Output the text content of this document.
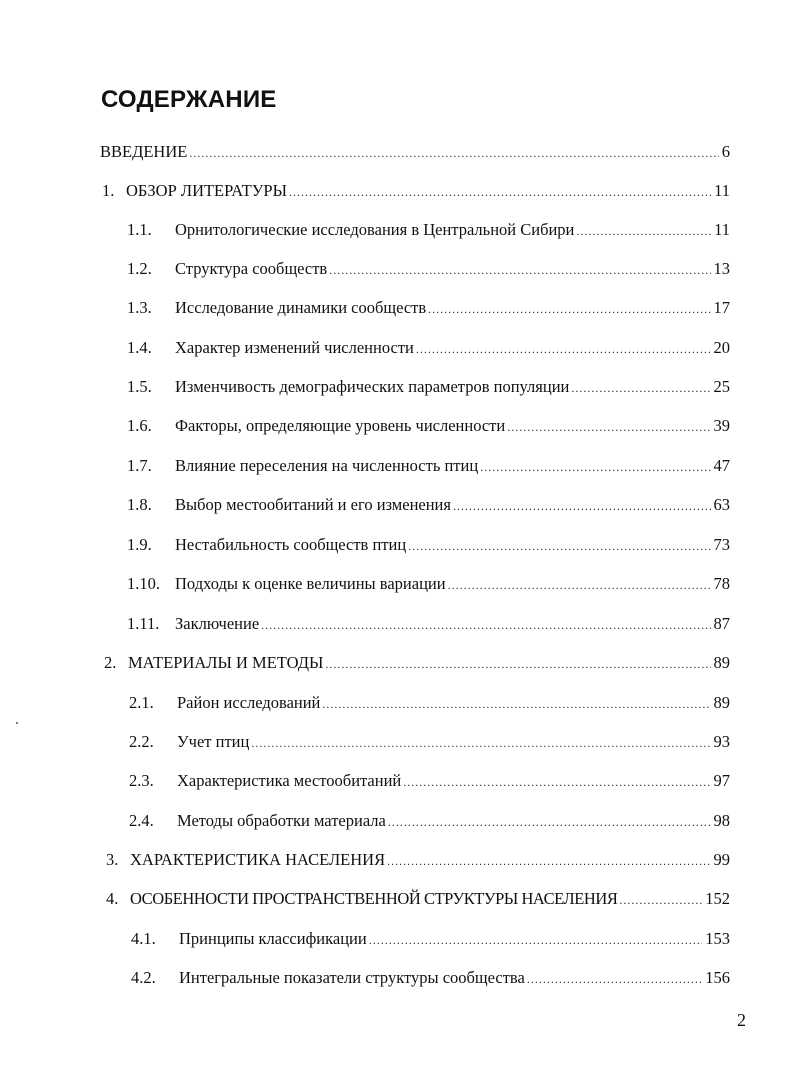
СОДЕРЖАНИЕ
ВВЕДЕНИЕ .....	6
1. ОБЗОР ЛИТЕРАТУРЫ .....	11
1.1.	Орнитологические исследования в Центральной Сибири .....	11
1.2.	Структура сообществ .....	13
1.3.	Исследование динамики сообществ .....	17
1.4.	Характер изменений численности .....	20
1.5.	Изменчивость демографических параметров популяции .....	25
1.6.	Факторы, определяющие уровень численности .....	39
1.7.	Влияние переселения на численность птиц .....	47
1.8.	Выбор местообитаний и его изменения .....	63
1.9.	Нестабильность сообществ птиц .....	73
1.10. Подходы к оценке величины вариации .....	78
1.11. Заключение .....	87
2. МАТЕРИАЛЫ И МЕТОДЫ .....	89
2.1.	Район исследований .....	89
2.2.	Учет птиц .....	93
2.3.	Характеристика местообитаний .....	97
2.4.	Методы обработки материала .....	98
3. ХАРАКТЕРИСТИКА НАСЕЛЕНИЯ .....	99
4. ОСОБЕННОСТИ ПРОСТРАНСТВЕННОЙ СТРУКТУРЫ НАСЕЛЕНИЯ .....	152
4.1.	Принципы классификации .....	153
4.2.	Интегральные показатели структуры сообщества .....	156
2
